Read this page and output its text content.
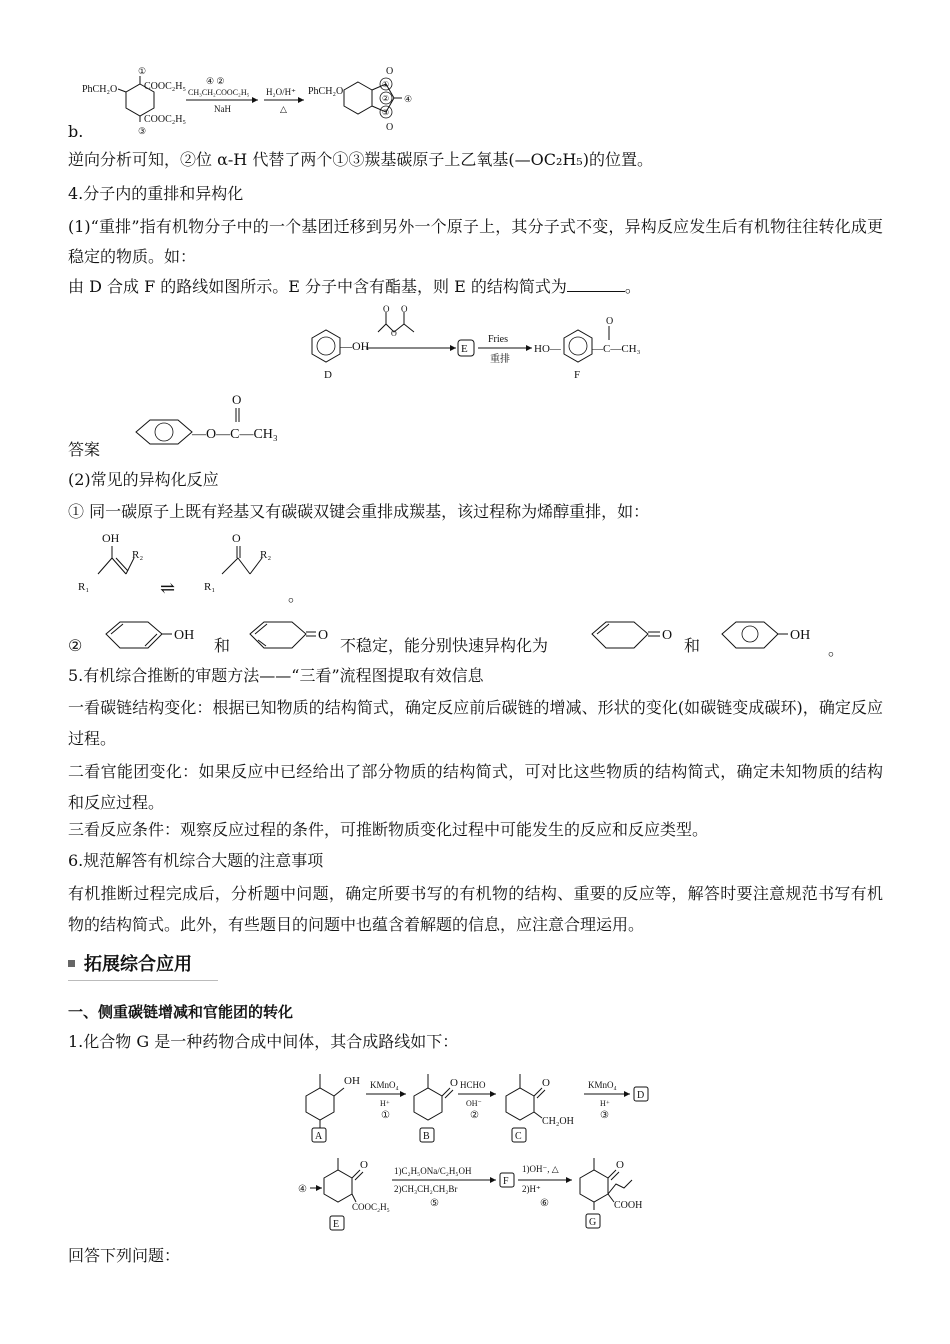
PhCH₂O
①
COOC₂H₅
COOC₂H₅
③
④ ②
CH₃CH₂COOC₂H₅
NaH
H₂O/H⁺
△
PhCH₂O
①
②
③
O
O
④
b.
逆向分析可知，②位 α-H 代替了两个①③羰基碳原子上乙氧基(—OC₂H₅)的位置。
4.分子内的重排和异构化
(1)“重排”指有机物分子中的一个基团迁移到另外一个原子上，其分子式不变，异构反应发生后有机物往往转化成更稳定的物质。如：
由 D 合成 F 的路线如图所示。E 分子中含有酯基，则 E 的结构简式为	。
—OH
D
O O
O
E
Fries
重排
HO—	—C—CH₃
O
F
答案
—O—C—CH₃
O
(2)常见的异构化反应
① 同一碳原子上既有羟基又有碳碳双键会重排成羰基，该过程称为烯醇重排，如：
OH
R₂
R₁	⇌
O
R₂
R₁	。
②
OH
和
O
不稳定，能分别快速异构化为
O
和
OH
。
5.有机综合推断的审题方法——“三看”流程图提取有效信息
一看碳链结构变化：根据已知物质的结构简式，确定反应前后碳链的增减、形状的变化(如碳链变成碳环)，确定反应过程。
二看官能团变化：如果反应中已经给出了部分物质的结构简式，可对比这些物质的结构简式，确定未知物质的结构和反应过程。
三看反应条件：观察反应过程的条件，可推断物质变化过程中可能发生的反应和反应类型。
6.规范解答有机综合大题的注意事项
有机推断过程完成后，分析题中问题，确定所要书写的有机物的结构、重要的反应等，解答时要注意规范书写有机物的结构简式。此外，有些题目的问题中也蕴含着解题的信息，应注意合理运用。
拓展综合应用
一、侧重碳链增减和官能团的转化
1.化合物 G 是一种药物合成中间体，其合成路线如下：
OH
A
KMnO₄
H⁺
①
O
B
HCHO
OH⁻
②
O
CH₂OH
C
KMnO₄
H⁺
③
D
④
O
COOC₂H₅
E
1)C₂H₅ONa/C₂H₅OH
2)CH₃CH₂CH₂Br
⑤
F
1)OH⁻, △
2)H⁺
⑥
O
COOH
G
回答下列问题：
